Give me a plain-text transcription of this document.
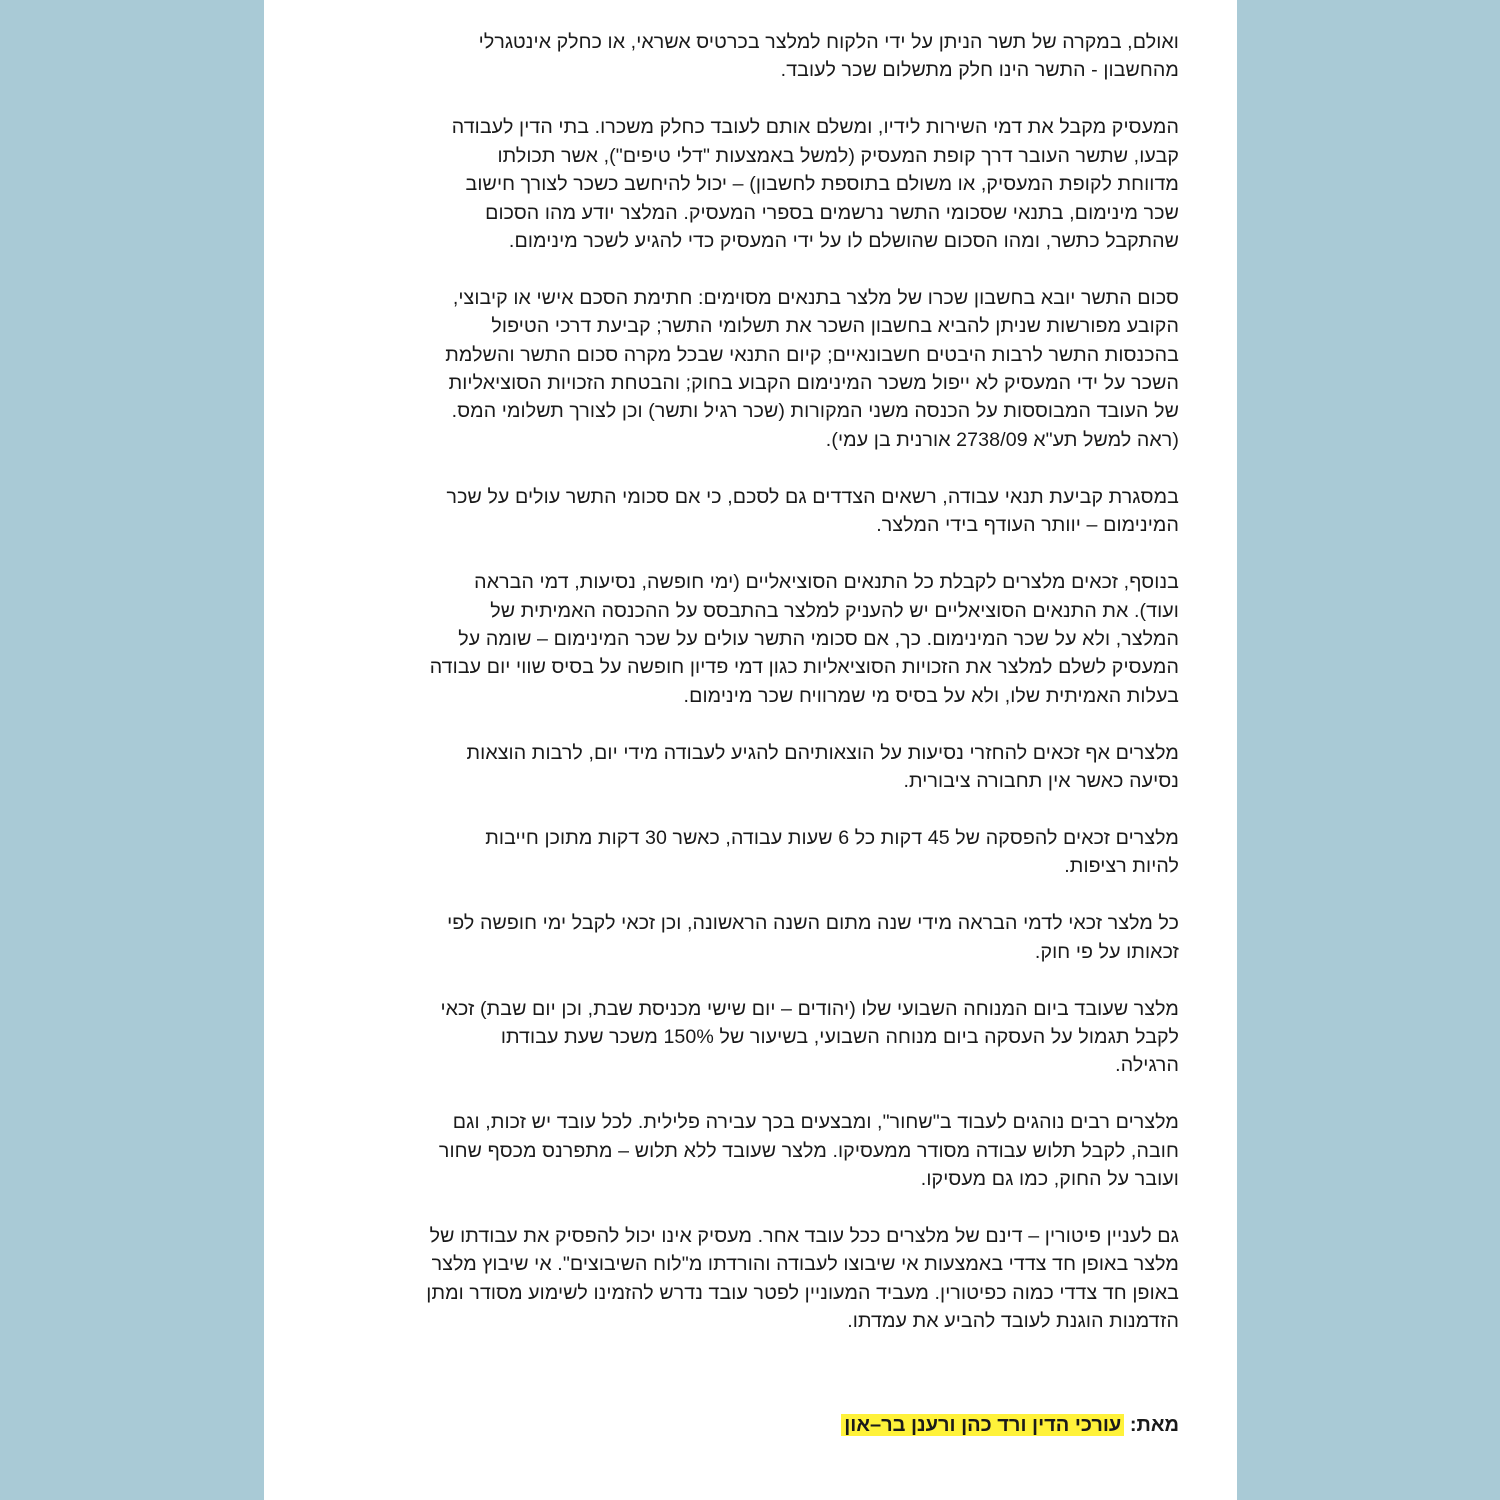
ואולם, במקרה של תשר הניתן על ידי הלקוח למלצר בכרטיס אשראי, או כחלק אינטגרלי
מהחשבון - התשר הינו חלק מתשלום שכר לעובד.

המעסיק מקבל את דמי השירות לידיו, ומשלם אותם לעובד כחלק משכרו. בתי הדין לעבודה
קבעו, שתשר העובר דרך קופת המעסיק (למשל באמצעות "דלי טיפים"), אשר תכולתו
מדווחת לקופת המעסיק, או משולם בתוספת לחשבון) – יכול להיחשב כשכר לצורך חישוב
שכר מינימום, בתנאי שסכומי התשר נרשמים בספרי המעסיק. המלצר יודע מהו הסכום
שהתקבל כתשר, ומהו הסכום שהושלם לו על ידי המעסיק כדי להגיע לשכר מינימום.

סכום התשר יובא בחשבון שכרו של מלצר בתנאים מסוימים: חתימת הסכם אישי או קיבוצי,
הקובע מפורשות שניתן להביא בחשבון השכר את תשלומי התשר; קביעת דרכי הטיפול
בהכנסות התשר לרבות היבטים חשבונאיים; קיום התנאי שבכל מקרה סכום התשר והשלמת
השכר על ידי המעסיק לא ייפול משכר המינימום הקבוע בחוק; והבטחת הזכויות הסוציאליות
של העובד המבוססות על הכנסה משני המקורות (שכר רגיל ותשר) וכן לצורך תשלומי המס.
(ראה למשל תע"א 2738/09 אורנית בן עמי).

במסגרת קביעת תנאי עבודה, רשאים הצדדים גם לסכם, כי אם סכומי התשר עולים על שכר
המינימום – יוותר העודף בידי המלצר.

בנוסף, זכאים מלצרים לקבלת כל התנאים הסוציאליים (ימי חופשה, נסיעות, דמי הבראה
ועוד). את התנאים הסוציאליים יש להעניק למלצר בהתבסס על ההכנסה האמיתית של
המלצר, ולא על שכר המינימום. כך, אם סכומי התשר עולים על שכר המינימום – שומה על
המעסיק לשלם למלצר את הזכויות הסוציאליות כגון דמי פדיון חופשה על בסיס שווי יום עבודה
בעלות האמיתית שלו, ולא על בסיס מי שמרוויח שכר מינימום.

מלצרים אף זכאים להחזרי נסיעות על הוצאותיהם להגיע לעבודה מידי יום, לרבות הוצאות
נסיעה כאשר אין תחבורה ציבורית.

מלצרים זכאים להפסקה של 45 דקות כל 6 שעות עבודה, כאשר 30 דקות מתוכן חייבות
להיות רציפות.

כל מלצר זכאי לדמי הבראה מידי שנה מתום השנה הראשונה, וכן זכאי לקבל ימי חופשה לפי
זכאותו על פי חוק.

מלצר שעובד ביום המנוחה השבועי שלו (יהודים – יום שישי מכניסת שבת, וכן יום שבת) זכאי
לקבל תגמול על העסקה ביום מנוחה השבועי, בשיעור של 150% משכר שעת עבודתו
הרגילה.

מלצרים רבים נוהגים לעבוד ב"שחור", ומבצעים בכך עבירה פלילית. לכל עובד יש זכות, וגם
חובה, לקבל תלוש עבודה מסודר ממעסיקו. מלצר שעובד ללא תלוש – מתפרנס מכסף שחור
ועובר על החוק, כמו גם מעסיקו.

גם לעניין פיטורין – דינם של מלצרים ככל עובד אחר. מעסיק אינו יכול להפסיק את עבודתו של
מלצר באופן חד צדדי באמצעות אי שיבוצו לעבודה והורדתו מ"לוח השיבוצים". אי שיבוץ מלצר
באופן חד צדדי כמוה כפיטורין. מעביד המעוניין לפטר עובד נדרש להזמינו לשימוע מסודר ומתן
הזדמנות הוגנת לעובד להביע את עמדתו.

מאת: עורכי הדין ורד כהן ורענן בר–און
